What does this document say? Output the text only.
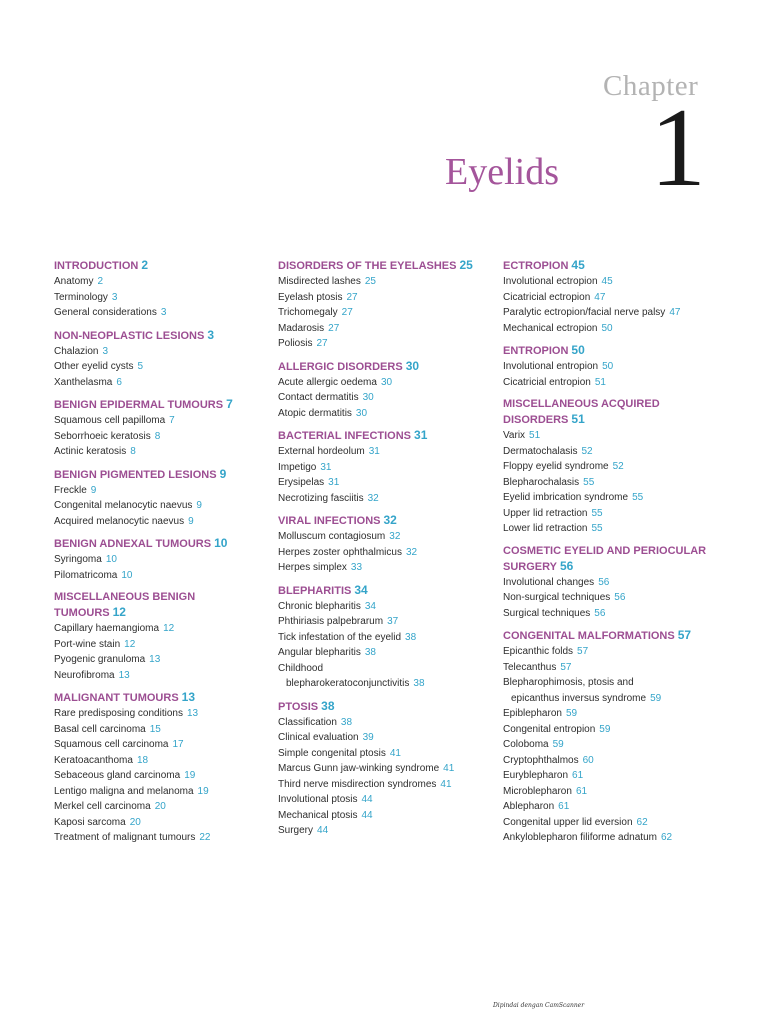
Chapter
Eyelids 1
INTRODUCTION 2
Anatomy 2
Terminology 3
General considerations 3
NON-NEOPLASTIC LESIONS 3
Chalazion 3
Other eyelid cysts 5
Xanthelasma 6
BENIGN EPIDERMAL TUMOURS 7
Squamous cell papilloma 7
Seborrhoeic keratosis 8
Actinic keratosis 8
BENIGN PIGMENTED LESIONS 9
Freckle 9
Congenital melanocytic naevus 9
Acquired melanocytic naevus 9
BENIGN ADNEXAL TUMOURS 10
Syringoma 10
Pilomatricoma 10
MISCELLANEOUS BENIGN TUMOURS 12
Capillary haemangioma 12
Port-wine stain 12
Pyogenic granuloma 13
Neurofibroma 13
MALIGNANT TUMOURS 13
Rare predisposing conditions 13
Basal cell carcinoma 15
Squamous cell carcinoma 17
Keratoacanthoma 18
Sebaceous gland carcinoma 19
Lentigo maligna and melanoma 19
Merkel cell carcinoma 20
Kaposi sarcoma 20
Treatment of malignant tumours 22
DISORDERS OF THE EYELASHES 25
Misdirected lashes 25
Eyelash ptosis 27
Trichomegaly 27
Madarosis 27
Poliosis 27
ALLERGIC DISORDERS 30
Acute allergic oedema 30
Contact dermatitis 30
Atopic dermatitis 30
BACTERIAL INFECTIONS 31
External hordeolum 31
Impetigo 31
Erysipelas 31
Necrotizing fasciitis 32
VIRAL INFECTIONS 32
Molluscum contagiosum 32
Herpes zoster ophthalmicus 32
Herpes simplex 33
BLEPHARITIS 34
Chronic blepharitis 34
Phthiriasis palpebrarum 37
Tick infestation of the eyelid 38
Angular blepharitis 38
Childhood
blepharokeratoconjunctivitis 38
PTOSIS 38
Classification 38
Clinical evaluation 39
Simple congenital ptosis 41
Marcus Gunn jaw-winking syndrome 41
Third nerve misdirection syndromes 41
Involutional ptosis 44
Mechanical ptosis 44
Surgery 44
ECTROPION 45
Involutional ectropion 45
Cicatricial ectropion 47
Paralytic ectropion/facial nerve palsy 47
Mechanical ectropion 50
ENTROPION 50
Involutional entropion 50
Cicatricial entropion 51
MISCELLANEOUS ACQUIRED DISORDERS 51
Varix 51
Dermatochalasis 52
Floppy eyelid syndrome 52
Blepharochalasis 55
Eyelid imbrication syndrome 55
Upper lid retraction 55
Lower lid retraction 55
COSMETIC EYELID AND PERIOCULAR SURGERY 56
Involutional changes 56
Non-surgical techniques 56
Surgical techniques 56
CONGENITAL MALFORMATIONS 57
Epicanthic folds 57
Telecanthus 57
Blepharophimosis, ptosis and
epicanthus inversus syndrome 59
Epiblepharon 59
Congenital entropion 59
Coloboma 59
Cryptophthalmos 60
Euryblepharon 61
Microblepharon 61
Ablepharon 61
Congenital upper lid eversion 62
Ankyloblepharon filiforme adnatum 62
Dipindai dengan CamScanner
